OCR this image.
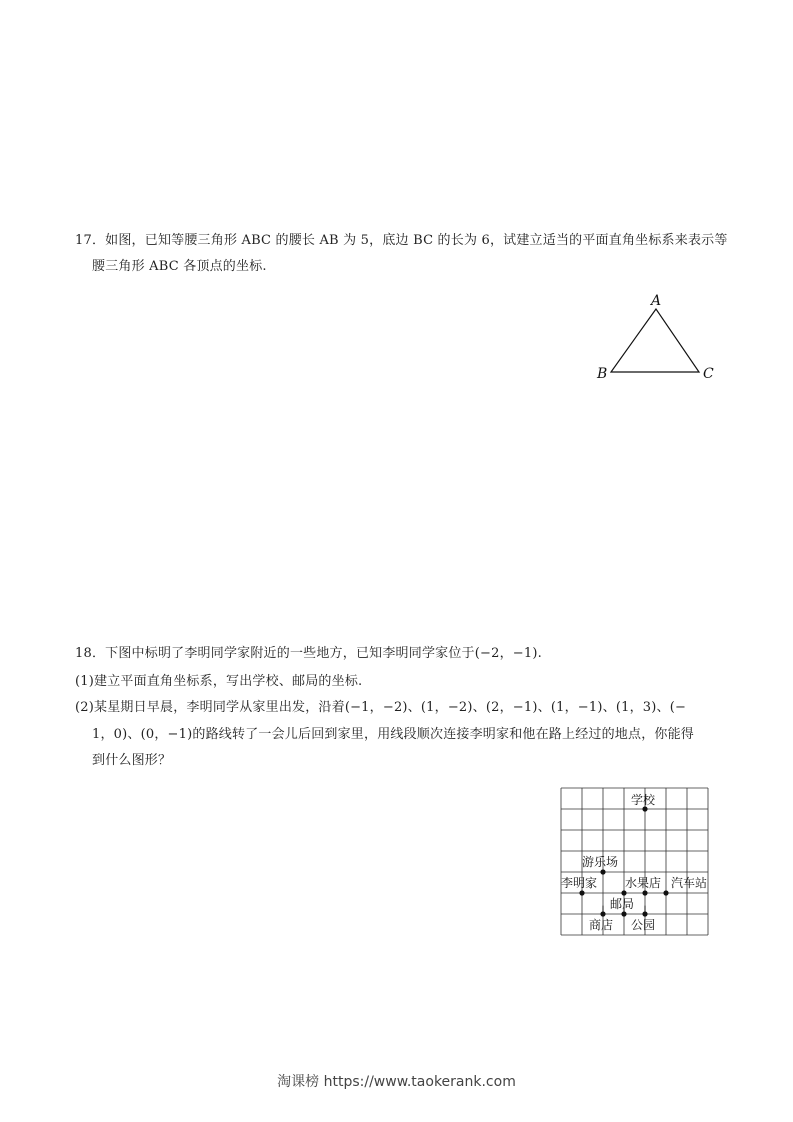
17．如图，已知等腰三角形 ABC 的腰长 AB 为 5，底边 BC 的长为 6，试建立适当的平面直角坐标系来表示等
腰三角形 ABC 各顶点的坐标.
A
B	C
18．下图中标明了李明同学家附近的一些地方，已知李明同学家位于(−2，−1).
(1)建立平面直角坐标系，写出学校、邮局的坐标.
(2)某星期日早晨，李明同学从家里出发，沿着(−1，−2)、(1，−2)、(2，−1)、(1，−1)、(1，3)、(−
1，0)、(0，−1)的路线转了一会儿后回到家里，用线段顺次连接李明家和他在路上经过的地点，你能得
到什么图形？
学校
游乐场
李明家 水果店 汽车站
邮局
商店 公园
淘课榜 https://www.taokerank.com
